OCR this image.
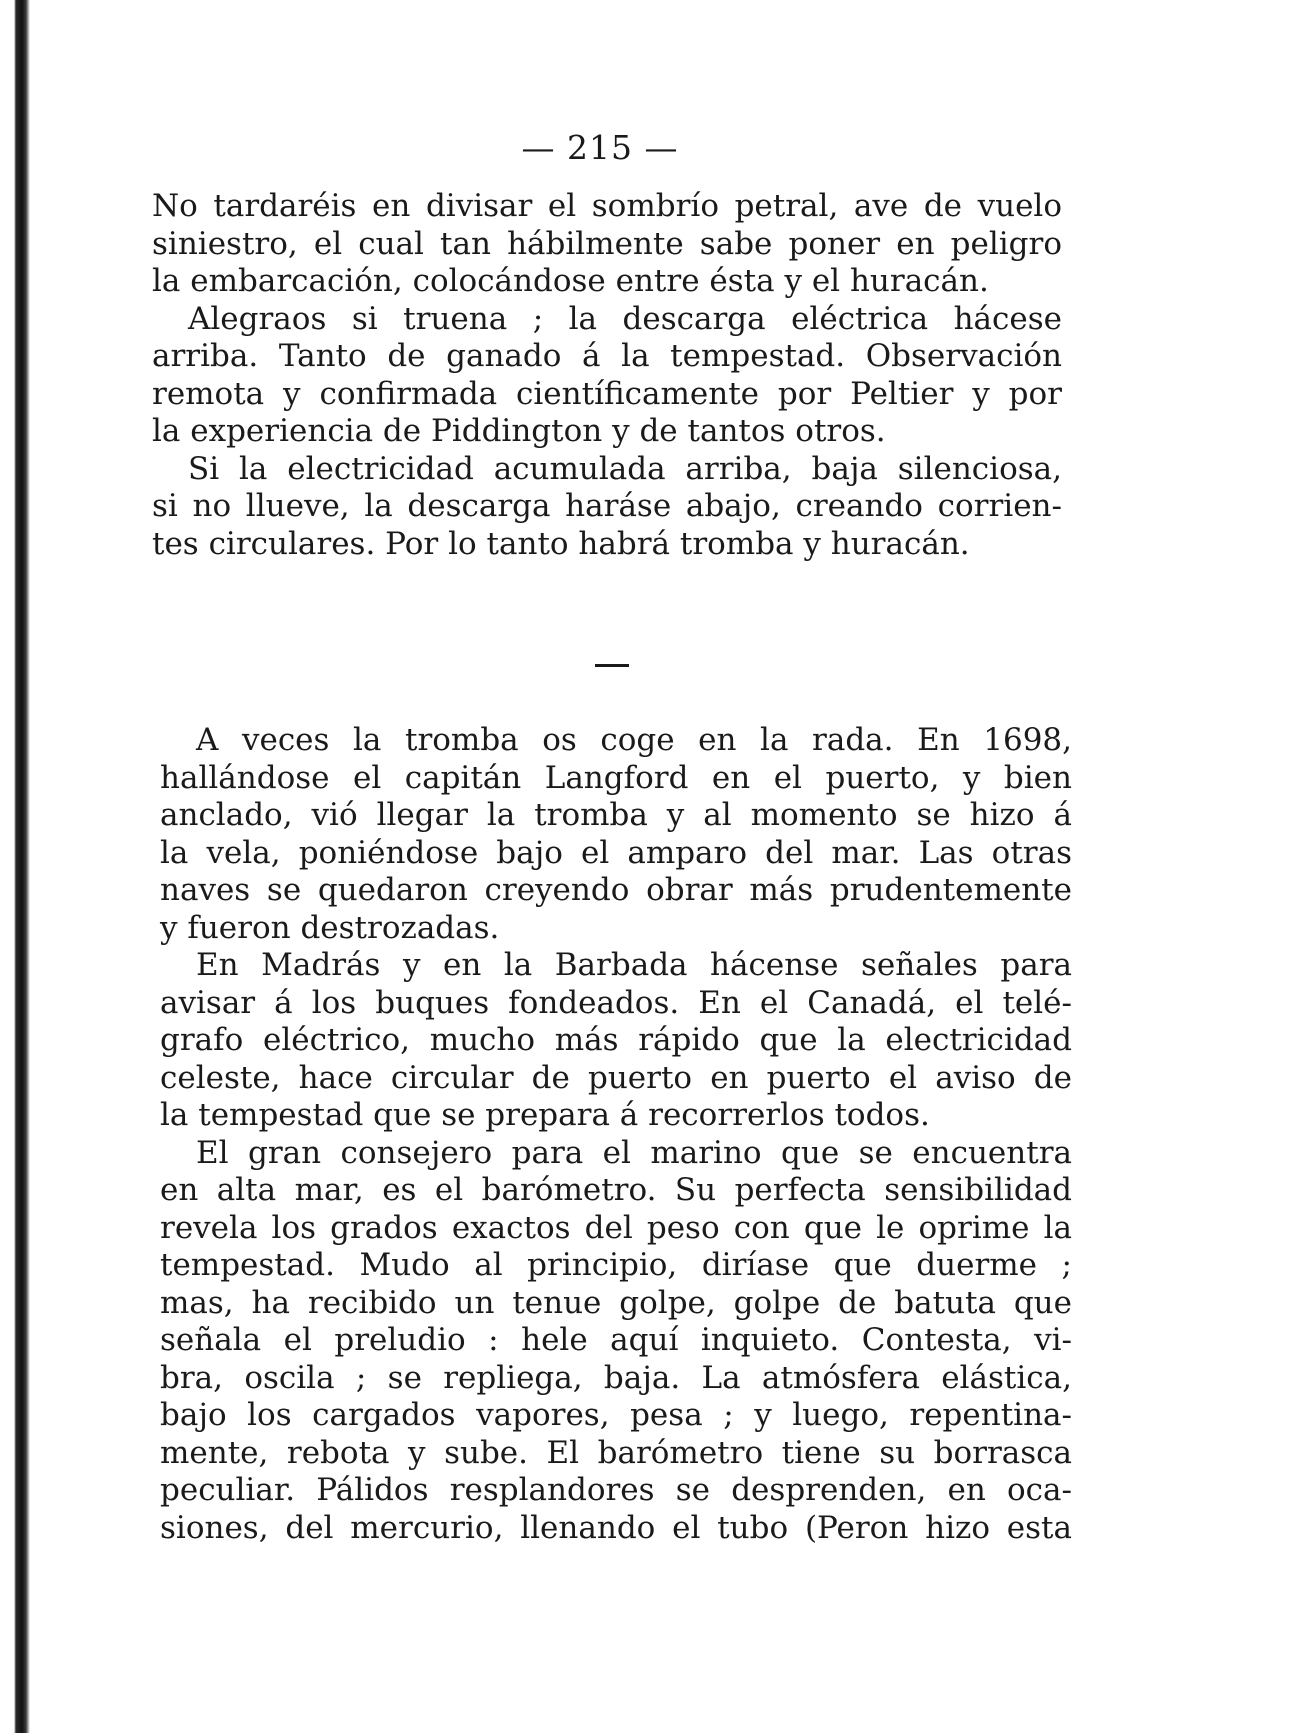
— 215 —

No tardaréis en divisar el sombrío petral, ave de vuelo
siniestro, el cual tan hábilmente sabe poner en peligro
la embarcación, colocándose entre ésta y el huracán.

Alegraos si truena ; la descarga eléctrica hácese
arriba. Tanto de ganado á la tempestad. Observación
remota y confirmada científicamente por Peltier y por
la experiencia de Piddington y de tantos otros.

Si la electricidad acumulada arriba, baja silenciosa,
si no llueve, la descarga haráse abajo, creando corrien-
tes circulares. Por lo tanto habrá tromba y huracán.

A veces la tromba os coge en la rada. En 1698,
hallándose el capitán Langford en el puerto, y bien
anclado, vió llegar la tromba y al momento se hizo á
la vela, poniéndose bajo el amparo del mar. Las otras
naves se quedaron creyendo obrar más prudentemente
y fueron destrozadas.

En Madrás y en la Barbada hácense señales para
avisar á los buques fondeados. En el Canadá, el telé-
grafo eléctrico, mucho más rápido que la electricidad
celeste, hace circular de puerto en puerto el aviso de
la tempestad que se prepara á recorrerlos todos.

El gran consejero para el marino que se encuentra
en alta mar, es el barómetro. Su perfecta sensibilidad
revela los grados exactos del peso con que le oprime la
tempestad. Mudo al principio, diríase que duerme ;
mas, ha recibido un tenue golpe, golpe de batuta que
señala el preludio : hele aquí inquieto. Contesta, vi-
bra, oscila ; se repliega, baja. La atmósfera elástica,
bajo los cargados vapores, pesa ; y luego, repentina-
mente, rebota y sube. El barómetro tiene su borrasca
peculiar. Pálidos resplandores se desprenden, en oca-
siones, del mercurio, llenando el tubo (Peron hizo esta
